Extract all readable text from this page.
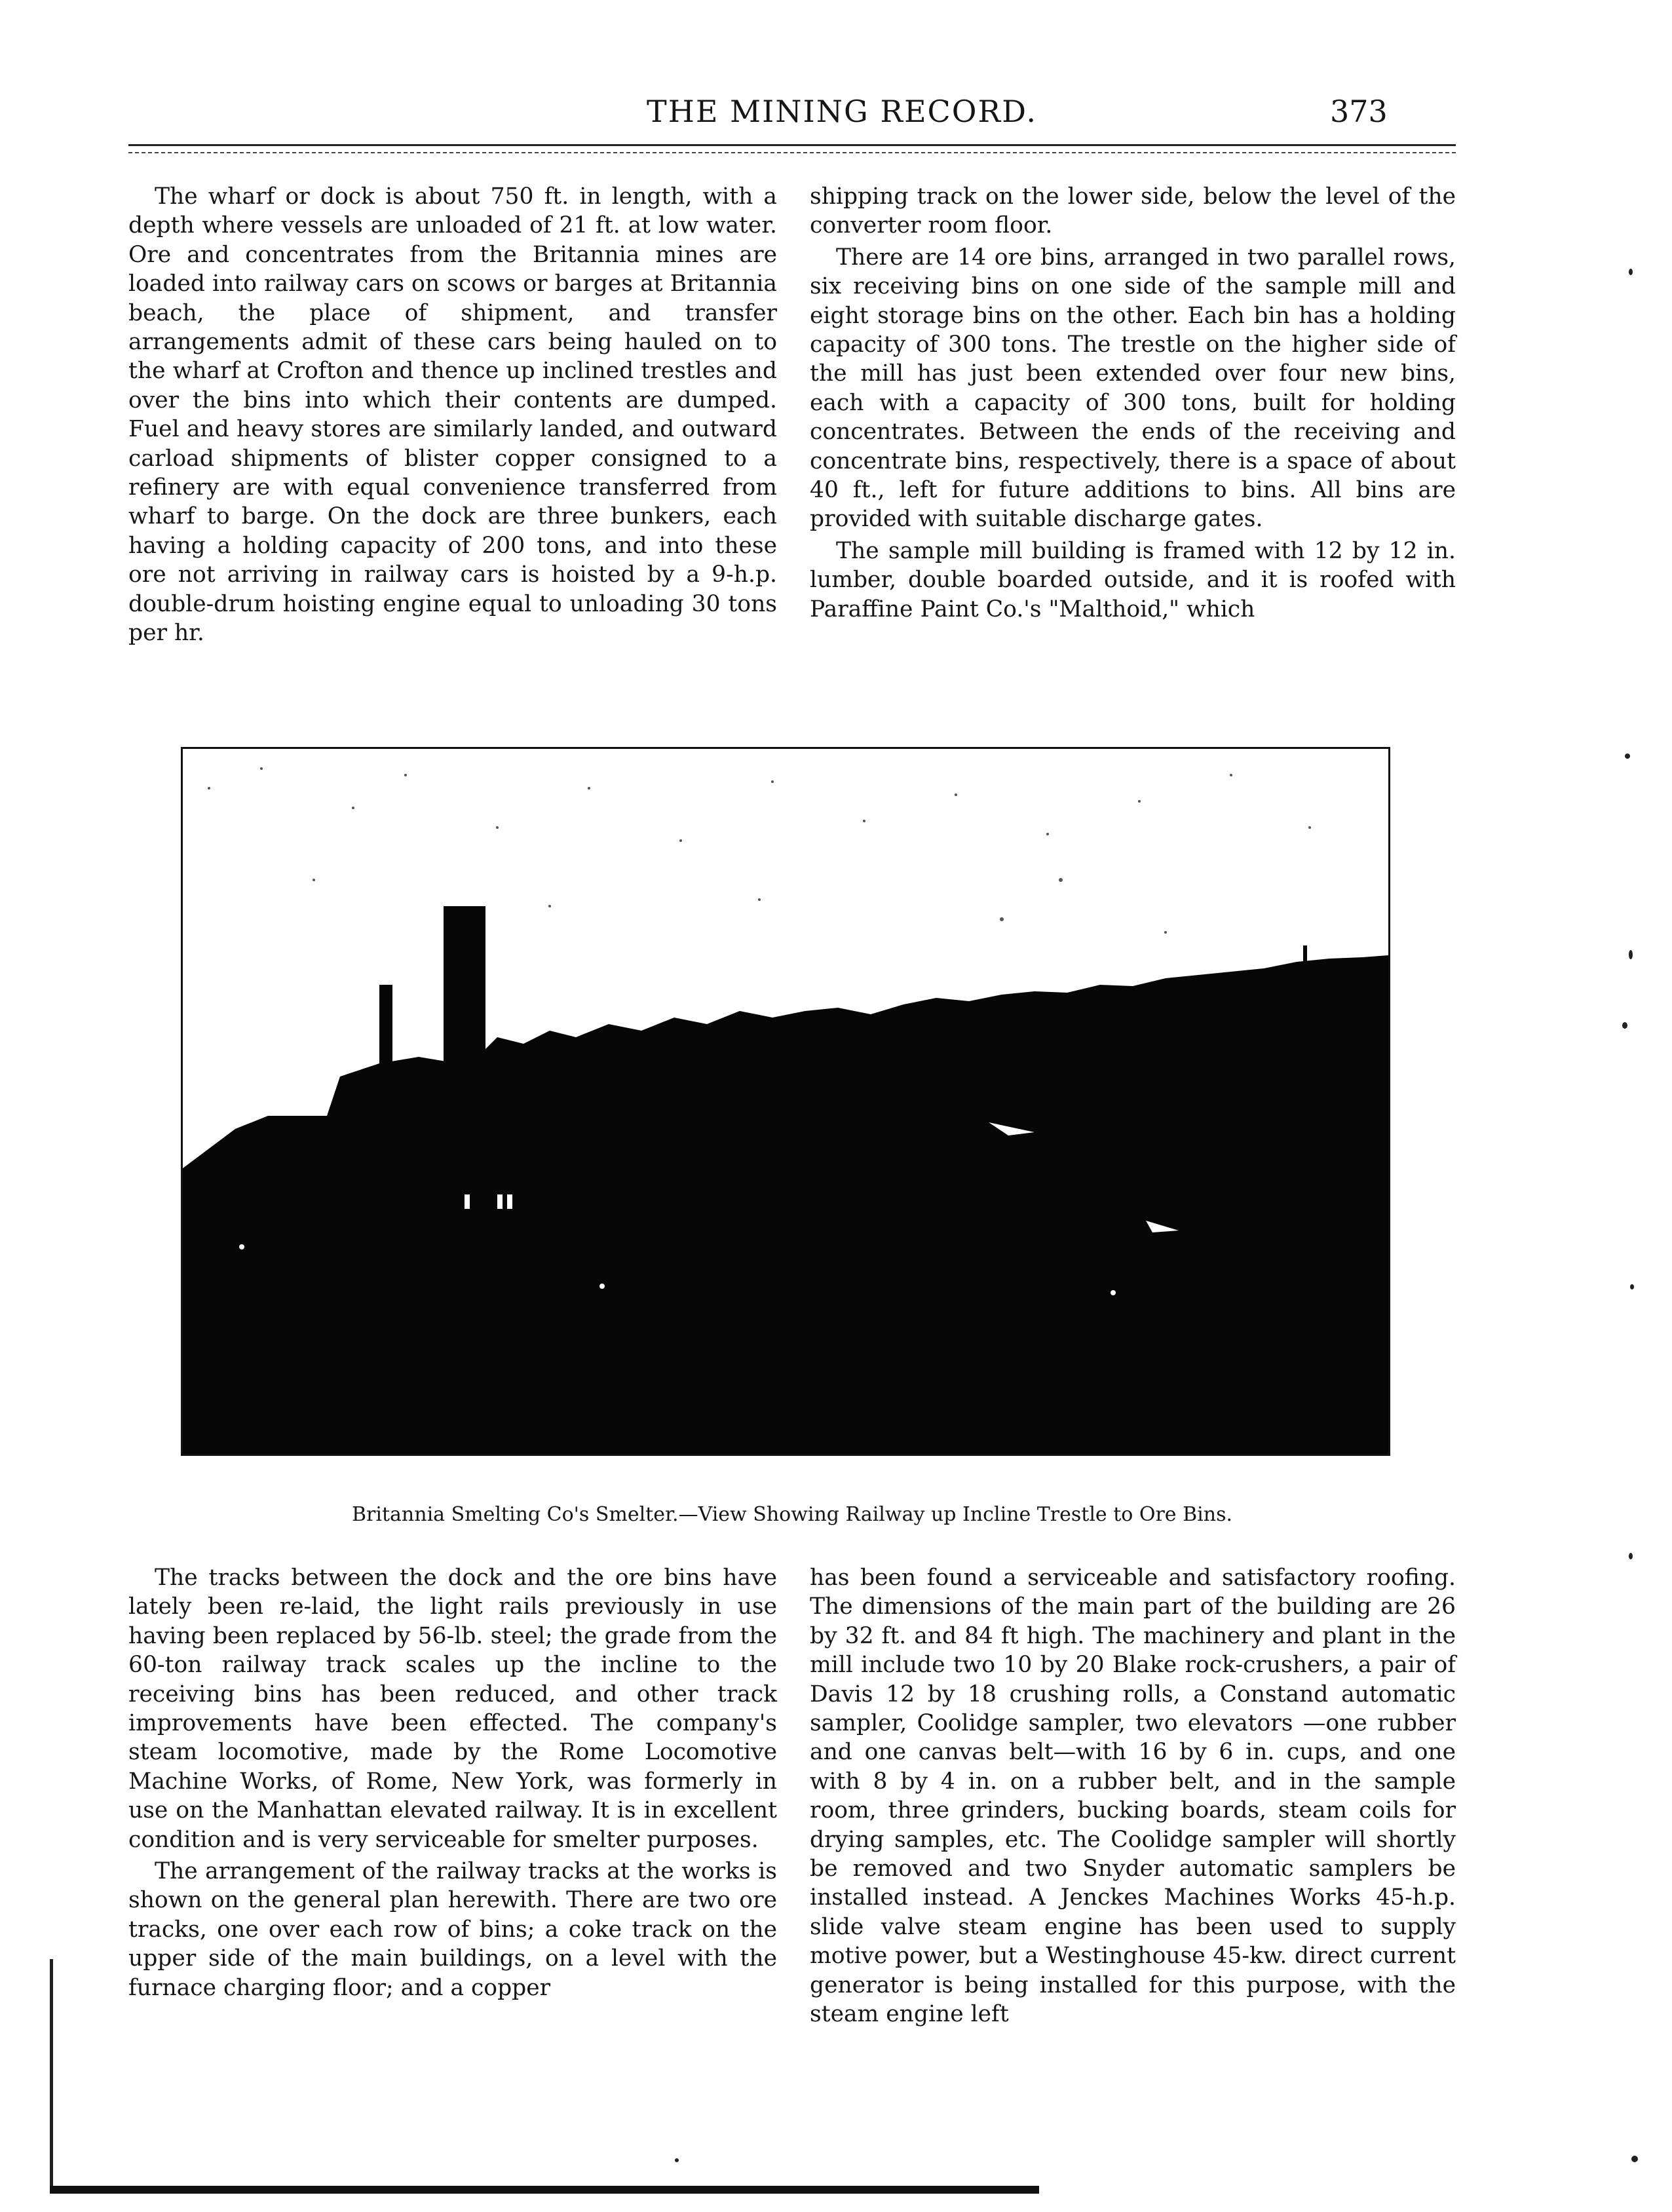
THE MINING RECORD.	373

The wharf or dock is about 750 ft. in length, with a depth where vessels are unloaded of 21 ft. at low water. Ore and concentrates from the Britannia mines are loaded into railway cars on scows or barges at Britannia beach, the place of shipment, and transfer arrangements admit of these cars being hauled on to the wharf at Crofton and thence up inclined trestles and over the bins into which their contents are dumped. Fuel and heavy stores are similarly landed, and outward carload shipments of blister copper consigned to a refinery are with equal convenience transferred from wharf to barge. On the dock are three bunkers, each having a holding capacity of 200 tons, and into these ore not arriving in railway cars is hoisted by a 9-h.p. double-drum hoisting engine equal to unloading 30 tons per hr.

shipping track on the lower side, below the level of the converter room floor.

There are 14 ore bins, arranged in two parallel rows, six receiving bins on one side of the sample mill and eight storage bins on the other. Each bin has a holding capacity of 300 tons. The trestle on the higher side of the mill has just been extended over four new bins, each with a capacity of 300 tons, built for holding concentrates. Between the ends of the receiving and concentrate bins, respectively, there is a space of about 40 ft., left for future additions to bins. All bins are provided with suitable discharge gates.

The sample mill building is framed with 12 by 12 in. lumber, double boarded outside, and it is roofed with Paraffine Paint Co.'s "Malthoid," which

Britannia Smelting Co's Smelter.—View Showing Railway up Incline Trestle to Ore Bins.

The tracks between the dock and the ore bins have lately been re-laid, the light rails previously in use having been replaced by 56-lb. steel; the grade from the 60-ton railway track scales up the incline to the receiving bins has been reduced, and other track improvements have been effected. The company's steam locomotive, made by the Rome Locomotive Machine Works, of Rome, New York, was formerly in use on the Manhattan elevated railway. It is in excellent condition and is very serviceable for smelter purposes.

The arrangement of the railway tracks at the works is shown on the general plan herewith. There are two ore tracks, one over each row of bins; a coke track on the upper side of the main buildings, on a level with the furnace charging floor; and a copper

has been found a serviceable and satisfactory roofing. The dimensions of the main part of the building are 26 by 32 ft. and 84 ft high. The machinery and plant in the mill include two 10 by 20 Blake rock-crushers, a pair of Davis 12 by 18 crushing rolls, a Constand automatic sampler, Coolidge sampler, two elevators —one rubber and one canvas belt—with 16 by 6 in. cups, and one with 8 by 4 in. on a rubber belt, and in the sample room, three grinders, bucking boards, steam coils for drying samples, etc. The Coolidge sampler will shortly be removed and two Snyder automatic samplers be installed instead. A Jenckes Machines Works 45-h.p. slide valve steam engine has been used to supply motive power, but a Westinghouse 45-kw. direct current generator is being installed for this purpose, with the steam engine left
